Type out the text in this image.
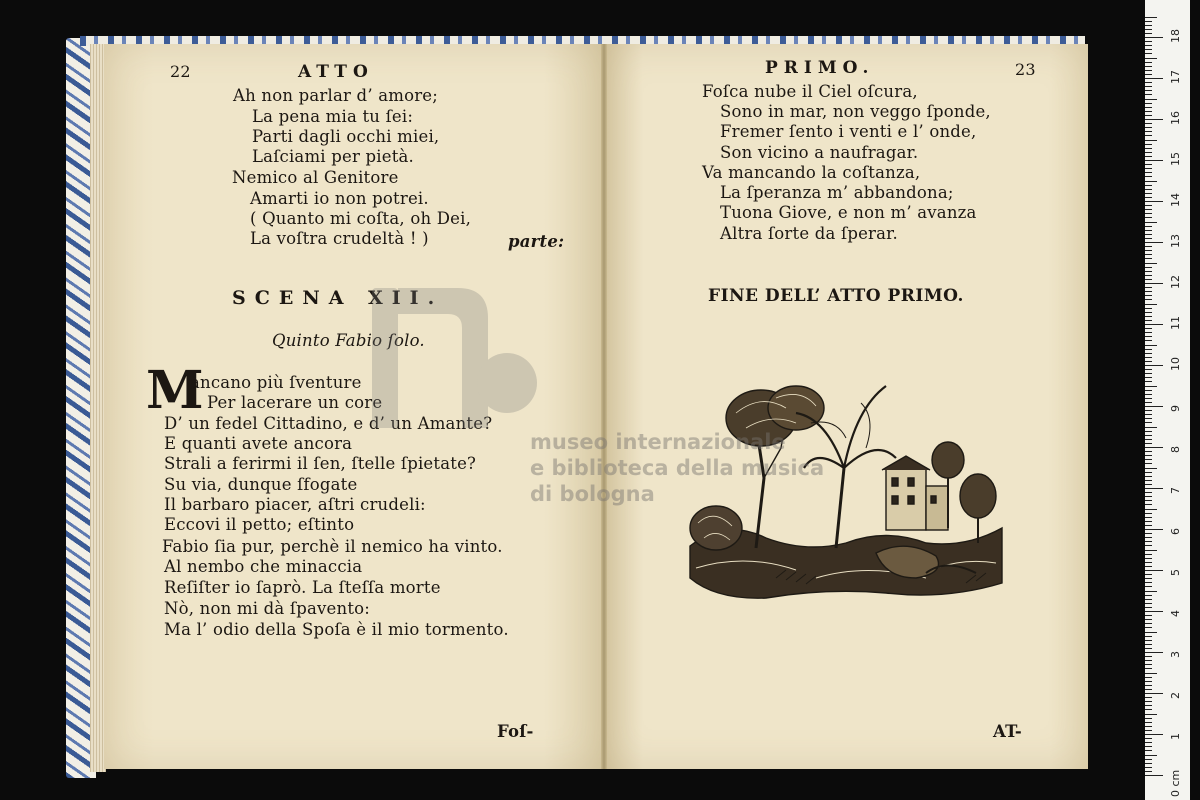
22	ATTO
Ah non parlar d’ amore;
La pena mia tu ſei:
Parti dagli occhi miei,
Laſciami per pietà.
Nemico al Genitore
Amarti io non potrei.
( Quanto mi coſta, oh Dei,
La voſtra crudeltà ! )	parte:
SCENA XII.
Quinto Fabio ſolo.
M
ancano più ſventure
Per lacerare un core
D’ un fedel Cittadino, e d’ un Amante?
E quanti avete ancora
Strali a ferirmi il ſen, ſtelle ſpietate?
Su via, dunque ſfogate
Il barbaro piacer, aſtri crudeli:
Eccovi il petto; eſtinto
Fabio ſia pur, perchè il nemico ha vinto.
Al nembo che minaccia
Reſiſter io ſaprò. La ſteſſa morte
Nò, non mi dà ſpavento:
Ma l’ odio della Spoſa è il mio tormento.
Foſ-
PRIMO.	23
Foſca nube il Ciel oſcura,
Sono in mar, non veggo ſponde,
Fremer ſento i venti e l’ onde,
Son vicino a naufragar.
Va mancando la coſtanza,
La ſperanza m’ abbandona;
Tuona Giove, e non m’ avanza
Altra ſorte da ſperar.
FINE DELL’ ATTO PRIMO.
AT-
museo internazionale
e biblioteca della musica
di bologna
0 cm
1
2
3
4
5
6
7
8
9
10
11
12
13
14
15
16
17
18
